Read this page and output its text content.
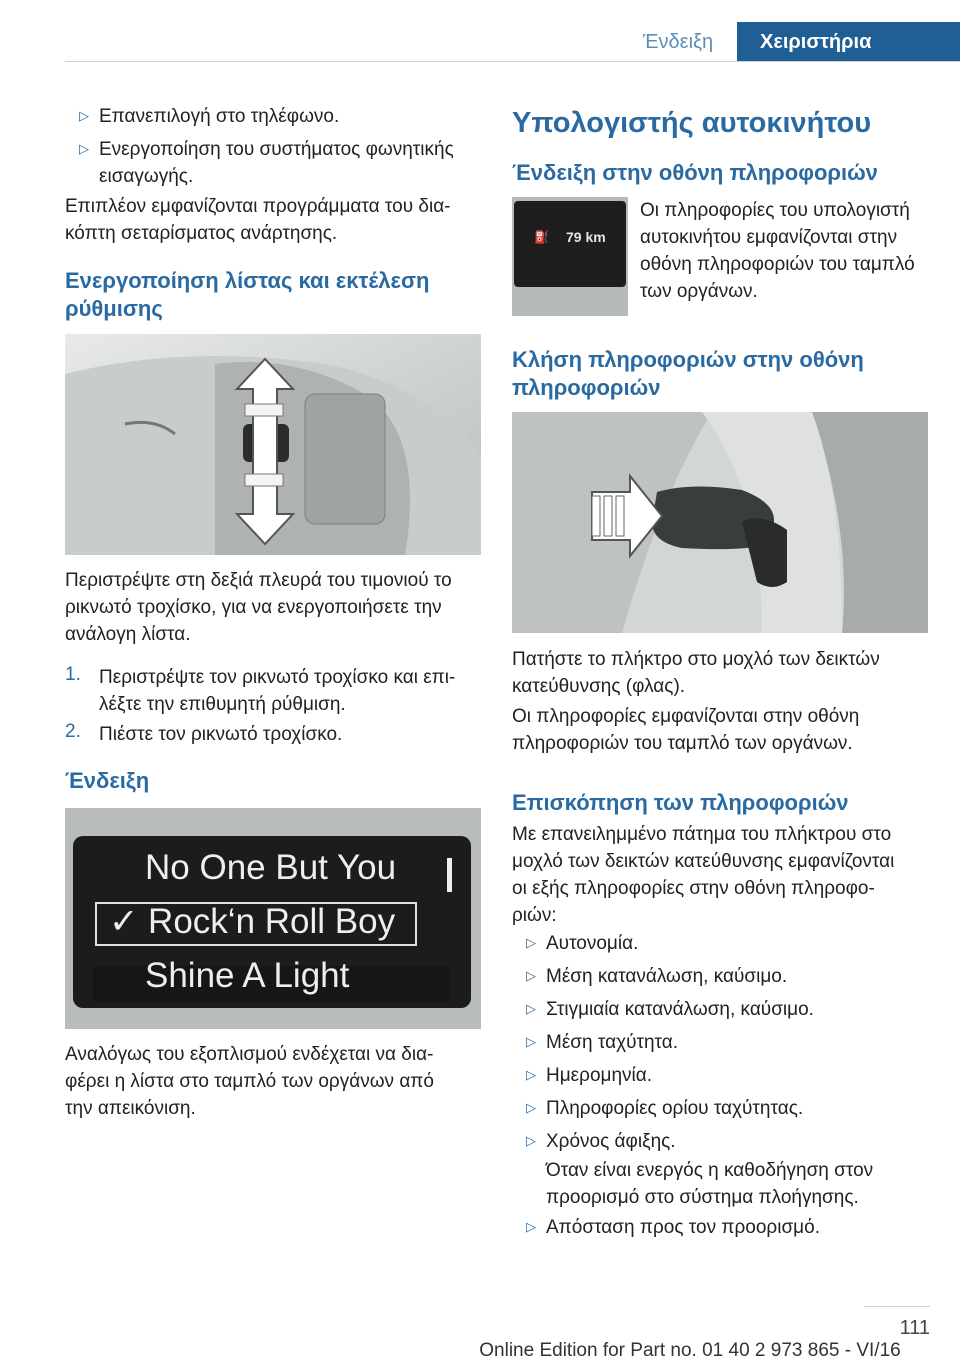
Ένδειξη	Χειριστήρια
▷ Επανεπιλογή στο τηλέφωνο.
▷ Ενεργοποίηση του συστήματος φωνητικής
εισαγωγής.
Επιπλέον εμφανίζονται προγράμματα του δια‐
κόπτη σεταρίσματος ανάρτησης.
Ενεργοποίηση λίστας και εκτέλεση
ρύθμισης
Περιστρέψτε στη δεξιά πλευρά του τιμονιού το
ρικνωτό τροχίσκο, για να ενεργοποιήσετε την
ανάλογη λίστα.
1. Περιστρέψτε τον ρικνωτό τροχίσκο και επι‐
λέξτε την επιθυμητή ρύθμιση.
2. Πιέστε τον ρικνωτό τροχίσκο.
Ένδειξη
No One But You
✓ Rock‘n Roll Boy
Shine A Light
Αναλόγως του εξοπλισμού ενδέχεται να δια‐
φέρει η λίστα στο ταμπλό των οργάνων από
την απεικόνιση.
Υπολογιστής αυτοκινήτου
Ένδειξη στην οθόνη πληροφοριών
⛽ 79 km
Οι πληροφορίες του υπολογιστή
αυτοκινήτου εμφανίζονται στην
οθόνη πληροφοριών του ταμπλό
των οργάνων.
Κλήση πληροφοριών στην οθόνη
πληροφοριών
Πατήστε το πλήκτρο στο μοχλό των δεικτών
κατεύθυνσης (φλας).
Οι πληροφορίες εμφανίζονται στην οθόνη
πληροφοριών του ταμπλό των οργάνων.
Επισκόπηση των πληροφοριών
Με επανειλημμένο πάτημα του πλήκτρου στο
μοχλό των δεικτών κατεύθυνσης εμφανίζονται
οι εξής πληροφορίες στην οθόνη πληροφο‐
ριών:
▷ Αυτονομία.
▷ Μέση κατανάλωση, καύσιμο.
▷ Στιγμιαία κατανάλωση, καύσιμο.
▷ Μέση ταχύτητα.
▷ Ημερομηνία.
▷ Πληροφορίες ορίου ταχύτητας.
▷ Χρόνος άφιξης.
Όταν είναι ενεργός η καθοδήγηση στον
προορισμό στο σύστημα πλοήγησης.
▷ Απόσταση προς τον προορισμό.
111
Online Edition for Part no. 01 40 2 973 865 - VI/16
